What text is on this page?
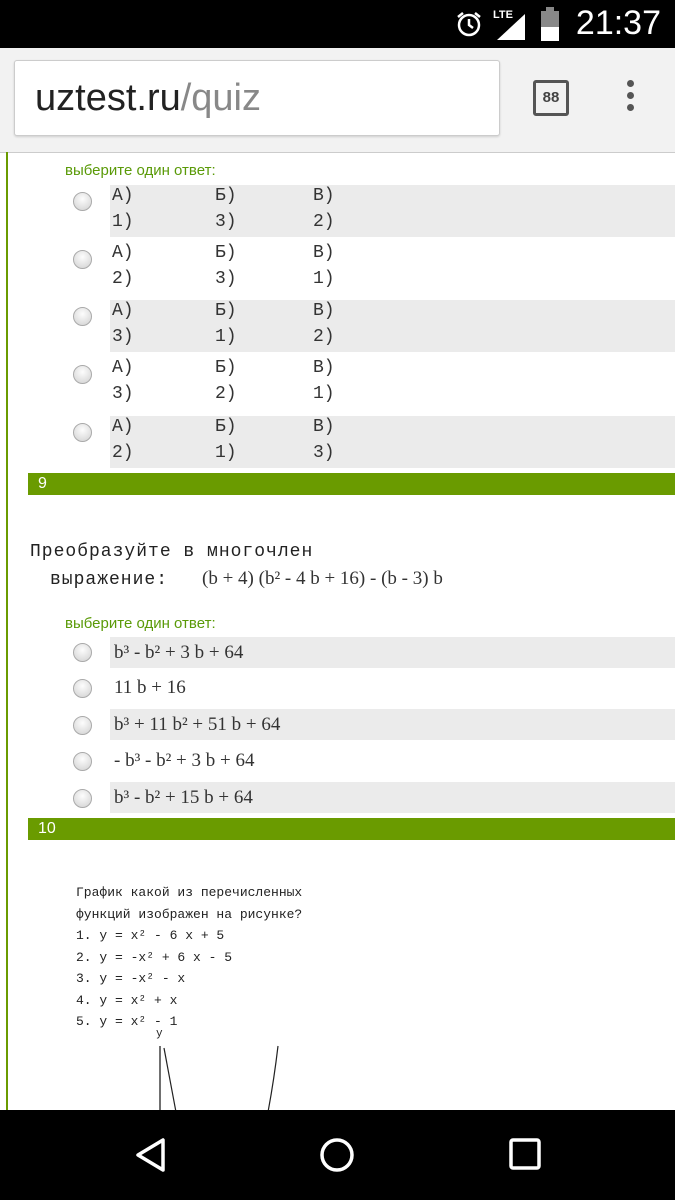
LTE 21:37
uztest.ru/quiz	88
выберите один ответ:
А)	Б)	В)
1)	3)	2)
А)	Б)	В)
2)	3)	1)
А)	Б)	В)
3)	1)	2)
А)	Б)	В)
3)	2)	1)
А)	Б)	В)
2)	1)	3)
9
Преобразуйте в многочлен
выражение: (b + 4) (b² - 4 b + 16) - (b - 3) b
выберите один ответ:
b³ - b² + 3 b + 64
11 b + 16
b³ + 11 b² + 51 b + 64
- b³ - b² + 3 b + 64
b³ - b² + 15 b + 64
10
График какой из перечисленных
функций изображен на рисунке?
1. y = x² - 6 x + 5
2. y = -x² + 6 x - 5
3. y = -x² - x
4. y = x² + x
5. y = x² - 1
y
